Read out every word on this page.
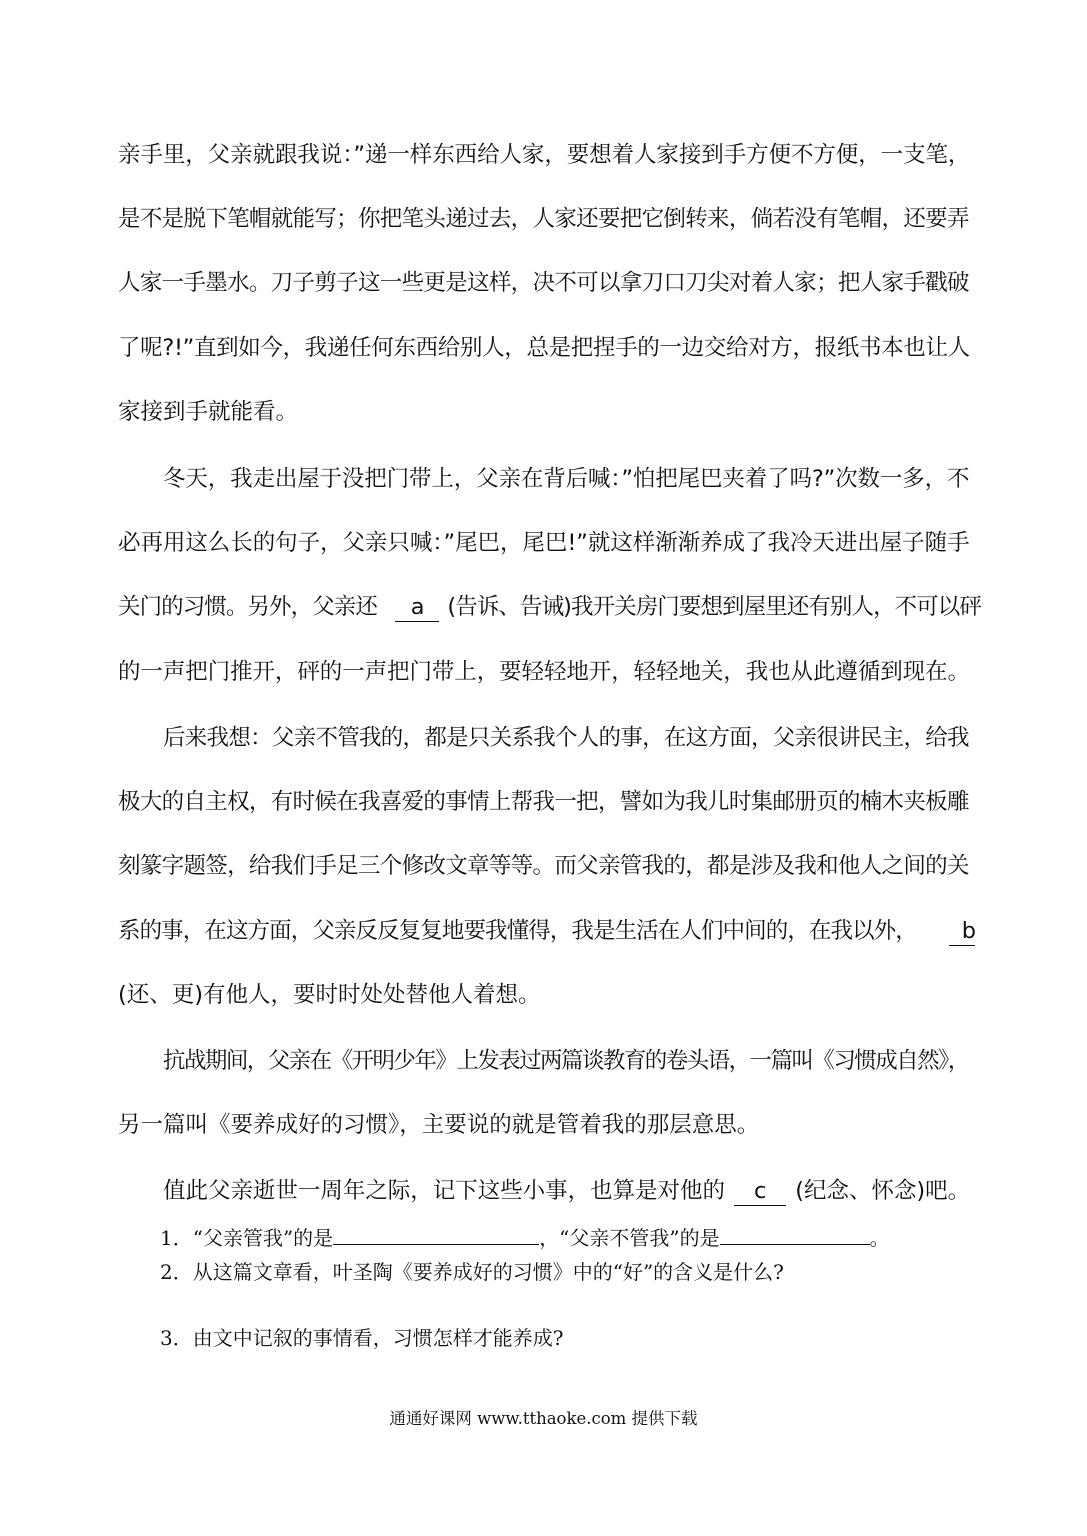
亲手里，父亲就跟我说：”递一样东西给人家，要想着人家接到手方便不方便，一支笔，
是不是脱下笔帽就能写；你把笔头递过去，人家还要把它倒转来，倘若没有笔帽，还要弄
人家一手墨水。刀子剪子这一些更是这样，决不可以拿刀口刀尖对着人家；把人家手戳破
了呢?!”直到如今，我递任何东西给别人，总是把捏手的一边交给对方，报纸书本也让人
家接到手就能看。
冬天，我走出屋于没把门带上，父亲在背后喊：”怕把尾巴夹着了吗?”次数一多，不
必再用这么长的句子，父亲只喊：”尾巴，尾巴!”就这样渐渐养成了我冷天进出屋子随手
关门的习惯。另外，父亲还 a (告诉、告诫)我开关房门要想到屋里还有别人，不可以砰
的一声把门推开，砰的一声把门带上，要轻轻地开，轻轻地关，我也从此遵循到现在。
后来我想：父亲不管我的，都是只关系我个人的事，在这方面，父亲很讲民主，给我
极大的自主权，有时候在我喜爱的事情上帮我一把，譬如为我儿时集邮册页的楠木夹板雕
刻篆字题签，给我们手足三个修改文章等等。而父亲管我的，都是涉及我和他人之间的关
系的事，在这方面，父亲反反复复地要我懂得，我是生活在人们中间的，在我以外， b
(还、更)有他人，要时时处处替他人着想。
抗战期间，父亲在《开明少年》上发表过两篇谈教育的卷头语，一篇叫《习惯成自然》，
另一篇叫《要养成好的习惯》，主要说的就是管着我的那层意思。
值此父亲逝世一周年之际，记下这些小事，也算是对他的 c (纪念、怀念)吧。
1．“父亲管我”的是	，“父亲不管我”的是	。
2．从这篇文章看，叶圣陶《要养成好的习惯》中的“好”的含义是什么?
3．由文中记叙的事情看，习惯怎样才能养成?
通通好课网 www.tthaoke.com 提供下载
